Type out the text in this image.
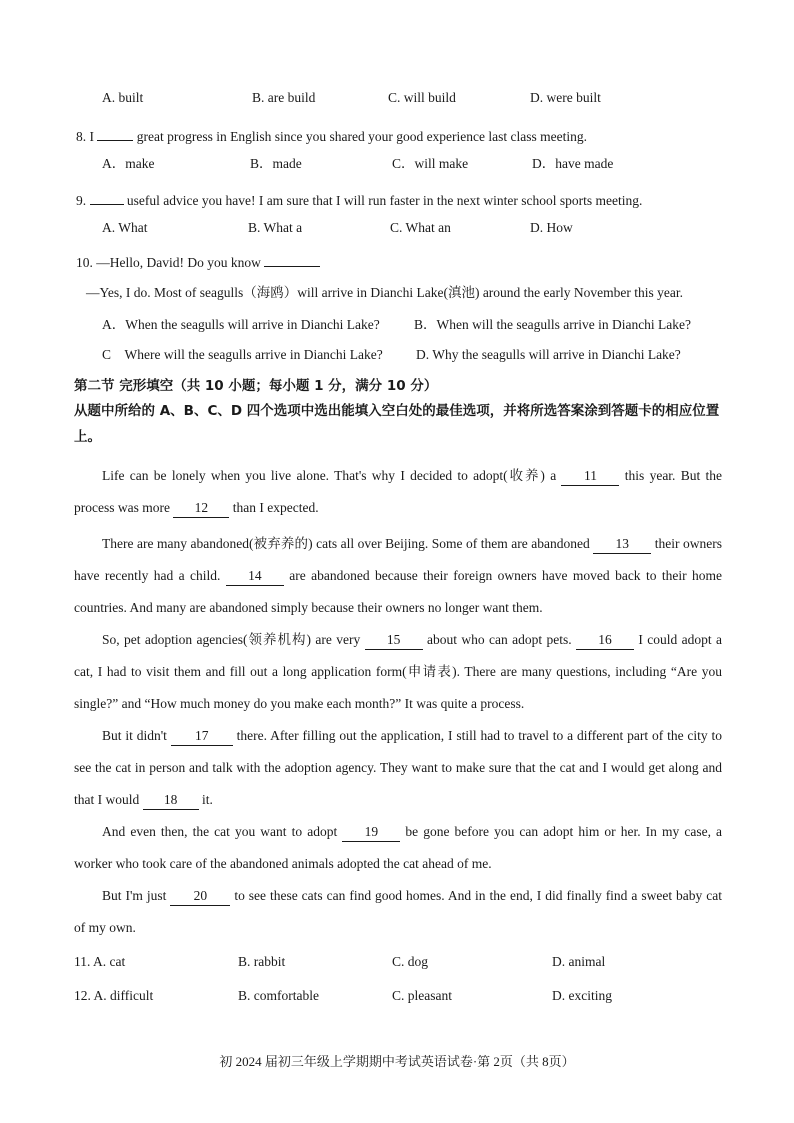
A. built	B. are build	C. will build	D. were built
8. I	great progress in English since you shared your good experience last class meeting.
A．make	B．made	C．will make	D．have made
9.	useful advice you have! I am sure that I will run faster in the next winter school sports meeting.
A. What	B. What a	C. What an	D. How
10. —Hello, David! Do you know
—Yes, I do. Most of seagulls（海鸥）will arrive in Dianchi Lake(滇池) around the early November this year.
A．When the seagulls will arrive in Dianchi Lake?	B．When will the seagulls arrive in Dianchi Lake?
C　Where will the seagulls arrive in Dianchi Lake? D. Why the seagulls will arrive in Dianchi Lake?
第二节 完形填空（共 10 小题；每小题 1 分，满分 10 分）
从题中所给的 A、B、C、D 四个选项中选出能填入空白处的最佳选项，并将所选答案涂到答题卡的相应位置上。
Life can be lonely when you live alone. That's why I decided to adopt(收养) a 11 this year. But the process was more 12 than I expected.
There are many abandoned(被弃养的) cats all over Beijing. Some of them are abandoned 13 their owners have recently had a child. 14 are abandoned because their foreign owners have moved back to their home countries. And many are abandoned simply because their owners no longer want them.
So, pet adoption agencies(领养机构) are very 15 about who can adopt pets. 16 I could adopt a cat, I had to visit them and fill out a long application form(申请表). There are many questions, including “Are you single?” and “How much money do you make each month?” It was quite a process.
But it didn't 17 there. After filling out the application, I still had to travel to a different part of the city to see the cat in person and talk with the adoption agency. They want to make sure that the cat and I would get along and that I would 18 it.
And even then, the cat you want to adopt 19 be gone before you can adopt him or her. In my case, a worker who took care of the abandoned animals adopted the cat ahead of me.
But I'm just 20 to see these cats can find good homes. And in the end, I did finally find a sweet baby cat of my own.
11. A. cat	B. rabbit	C. dog	D. animal
12. A. difficult	B. comfortable	C. pleasant	D. exciting
初 2024 届初三年级上学期期中考试英语试卷·第 2页（共 8页）
